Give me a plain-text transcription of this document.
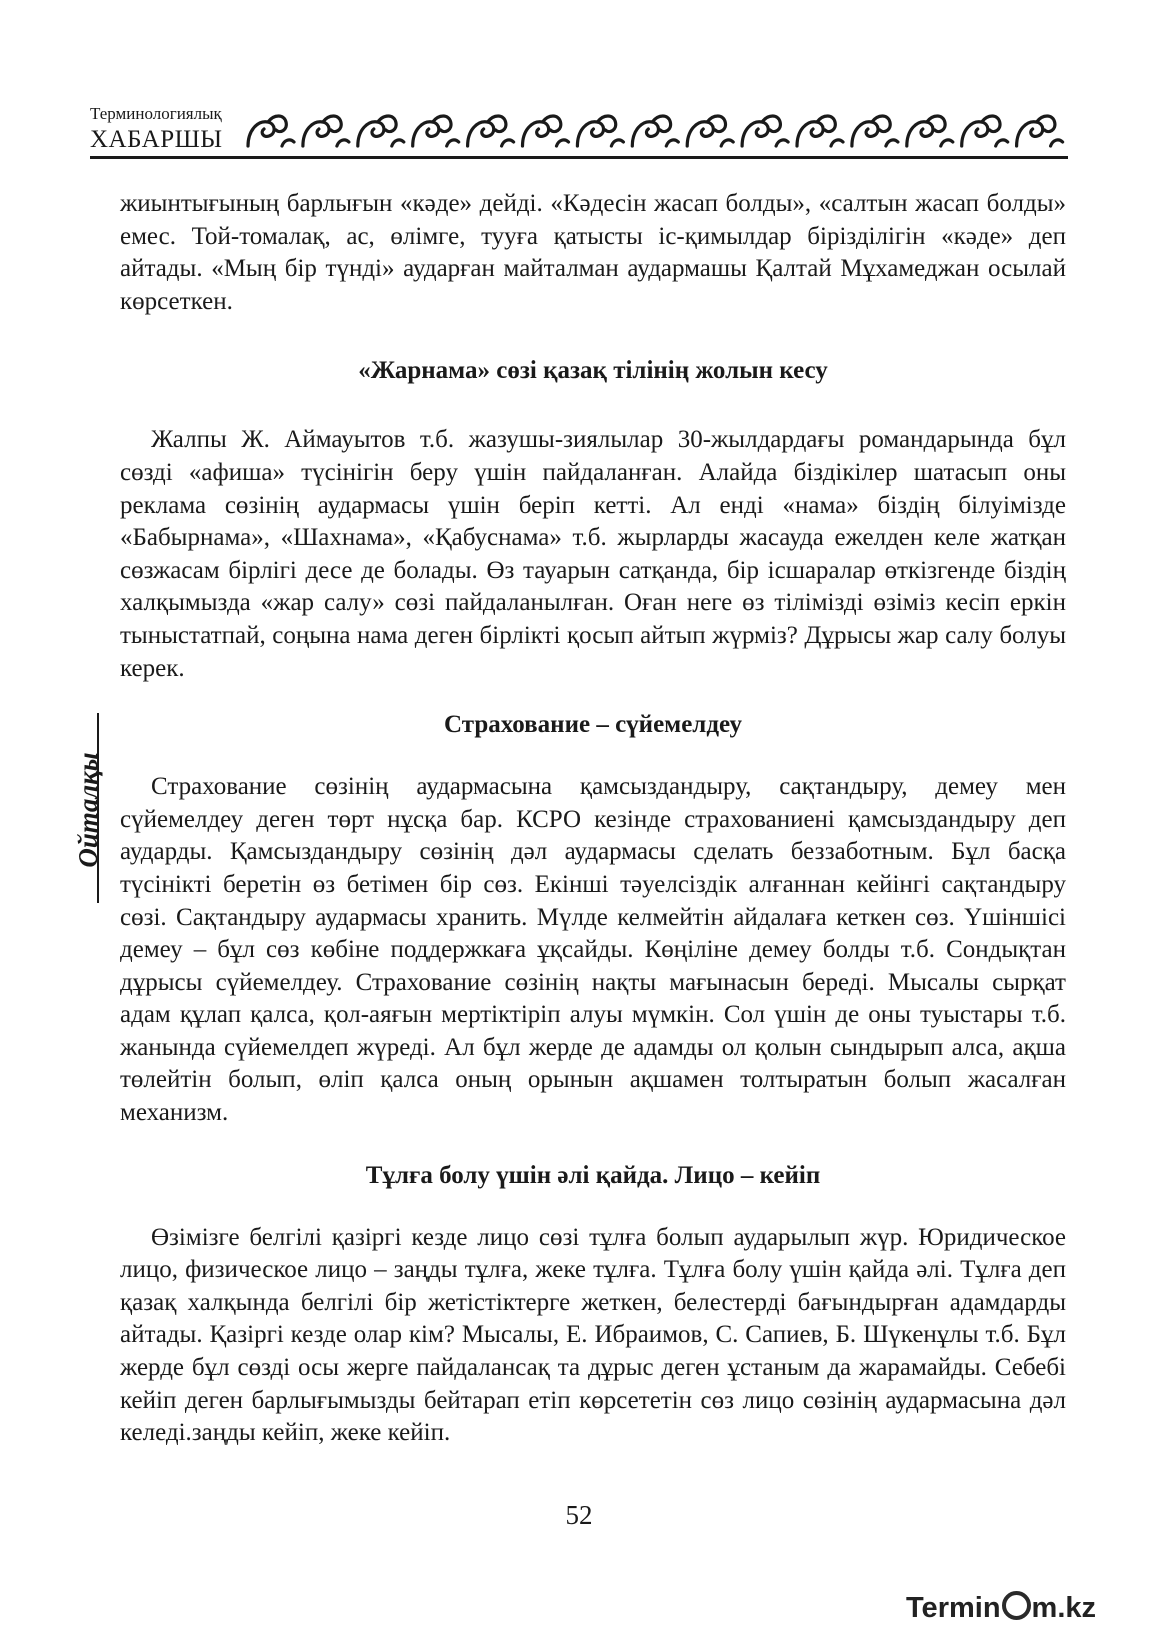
Терминологиялық
ХАБАРШЫ
Ойталқы

жиынтығының барлығын «кәде» дейді. «Кәдесін жасап болды», «салтын жасап болды» емес. Той-томалақ, ас, өлімге, тууға қатысты іс-қимылдар біріздiлігін «кәде» деп айтады. «Мың бір түнді» аударған майталман аудармашы Қалтай Мұхамеджан осылай көрсеткен.

«Жарнама» сөзі қазақ тілінің жолын кесу

Жалпы Ж. Аймауытов т.б. жазушы-зиялылар 30-жылдардағы романдарында бұл сөзді «афиша» түсінігін беру үшін пайдаланған. Алайда біздікілер шатасып оны реклама сөзінің аудармасы үшін беріп кетті. Ал енді «нама» біздің білуімізде «Бабырнама», «Шахнама», «Қабуснама» т.б. жырларды жасауда ежелден келе жатқан сөзжасам бірлігі десе де болады. Өз тауарын сатқанда, бір ісшаралар өткізгенде біздің халқымызда «жар салу» сөзі пайдаланылған. Оған неге өз тілімізді өзіміз кесіп еркін тыныстатпай, соңына нама деген бірлікті қосып айтып жүрміз? Дұрысы жар салу болуы керек.

Страхование – сүйемелдеу

Страхование сөзінің аудармасына қамсыздандыру, сақтандыру, демеу мен сүйемелдеу деген төрт нұсқа бар. КСРО кезінде страхованиені қамсыздандыру деп аударды. Қамсыздандыру сөзінің дәл аудармасы сделать беззаботным. Бұл басқа түсінікті беретін өз бетімен бір сөз. Екінші тәуелсіздік алғаннан кейінгі сақтандыру сөзі. Сақтандыру аудармасы хранить. Мүлде келмейтін айдалаға кеткен сөз. Үшіншісі демеу – бұл сөз көбіне поддержкаға ұқсайды. Көңіліне демеу болды т.б. Сондықтан дұрысы сүйемелдеу. Страхование сөзінің нақты мағынасын береді. Мысалы сырқат адам құлап қалса, қол-аяғын мертіктіріп алуы мүмкін. Сол үшін де оны туыстары т.б. жанында сүйемелдеп жүреді. Ал бұл жерде де адамды ол қолын сындырып алса, ақша төлейтін болып, өліп қалса оның орынын ақшамен толтыратын болып жасалған механизм.

Тұлға болу үшін әлі қайда. Лицо – кейіп

Өзімізге белгілі қазіргі кезде лицо сөзі тұлға болып аударылып жүр. Юридическое лицо, физическое лицо – заңды тұлға, жеке тұлға. Тұлға болу үшін қайда әлі. Тұлға деп қазақ халқында белгілі бір жетістіктерге жеткен, белестерді бағындырған адамдарды айтады. Қазіргі кезде олар кім? Мысалы, Е. Ибраимов, С. Сапиев, Б. Шүкенұлы т.б. Бұл жерде бұл сөзді осы жерге пайдалансақ та дұрыс деген ұстаным да жарамайды. Себебі кейіп деген барлығымызды бейтарап етіп көрсететін сөз лицо сөзінің аудармасына дәл келеді.заңды кейіп, жеке кейіп.

52
Termin m.kz
